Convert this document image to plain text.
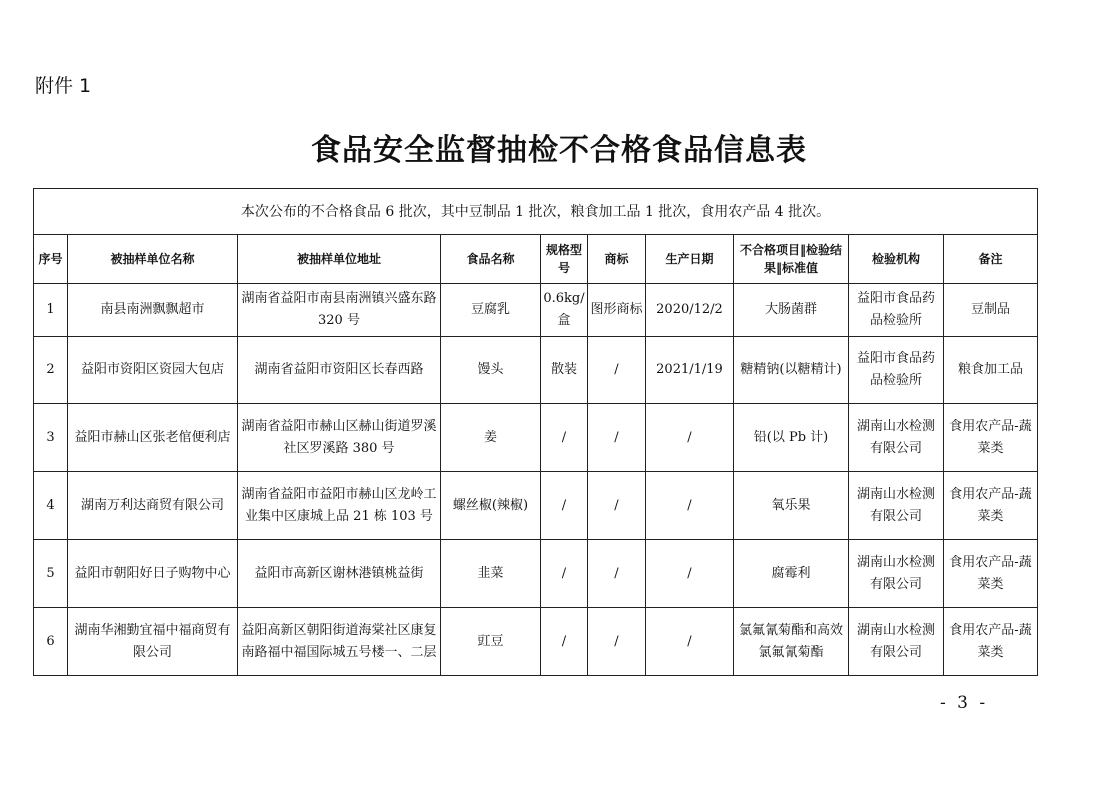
附件 1
食品安全监督抽检不合格食品信息表
本次公布的不合格食品 6 批次，其中豆制品 1 批次，粮食加工品 1 批次，食用农产品 4 批次。									
序号	被抽样单位名称	被抽样单位地址	食品名称	规格型号	商标	生产日期	不合格项目‖检验结果‖标准值	检验机构	备注
1	南县南洲飘飘超市	湖南省益阳市南县南洲镇兴盛东路 320 号	豆腐乳	0.6kg/盒	图形商标	2020/12/2	大肠菌群	益阳市食品药品检验所	豆制品
2	益阳市资阳区资园大包店	湖南省益阳市资阳区长春西路	馒头	散装	/	2021/1/19	糖精钠(以糖精计)	益阳市食品药品检验所	粮食加工品
3	益阳市赫山区张老倌便利店	湖南省益阳市赫山区赫山街道罗溪社区罗溪路 380 号	姜	/	/	/	铅(以 Pb 计)	湖南山水检测有限公司	食用农产品-蔬菜类
4	湖南万利达商贸有限公司	湖南省益阳市益阳市赫山区龙岭工业集中区康城上品 21 栋 103 号	螺丝椒(辣椒)	/	/	/	氧乐果	湖南山水检测有限公司	食用农产品-蔬菜类
5	益阳市朝阳好日子购物中心	益阳市高新区谢林港镇桃益街	韭菜	/	/	/	腐霉利	湖南山水检测有限公司	食用农产品-蔬菜类
6	湖南华湘勤宜福中福商贸有限公司	益阳高新区朝阳街道海棠社区康复南路福中福国际城五号楼一、二层	豇豆	/	/	/	氯氟氰菊酯和高效氯氟氰菊酯	湖南山水检测有限公司	食用农产品-蔬菜类
- 3 -
